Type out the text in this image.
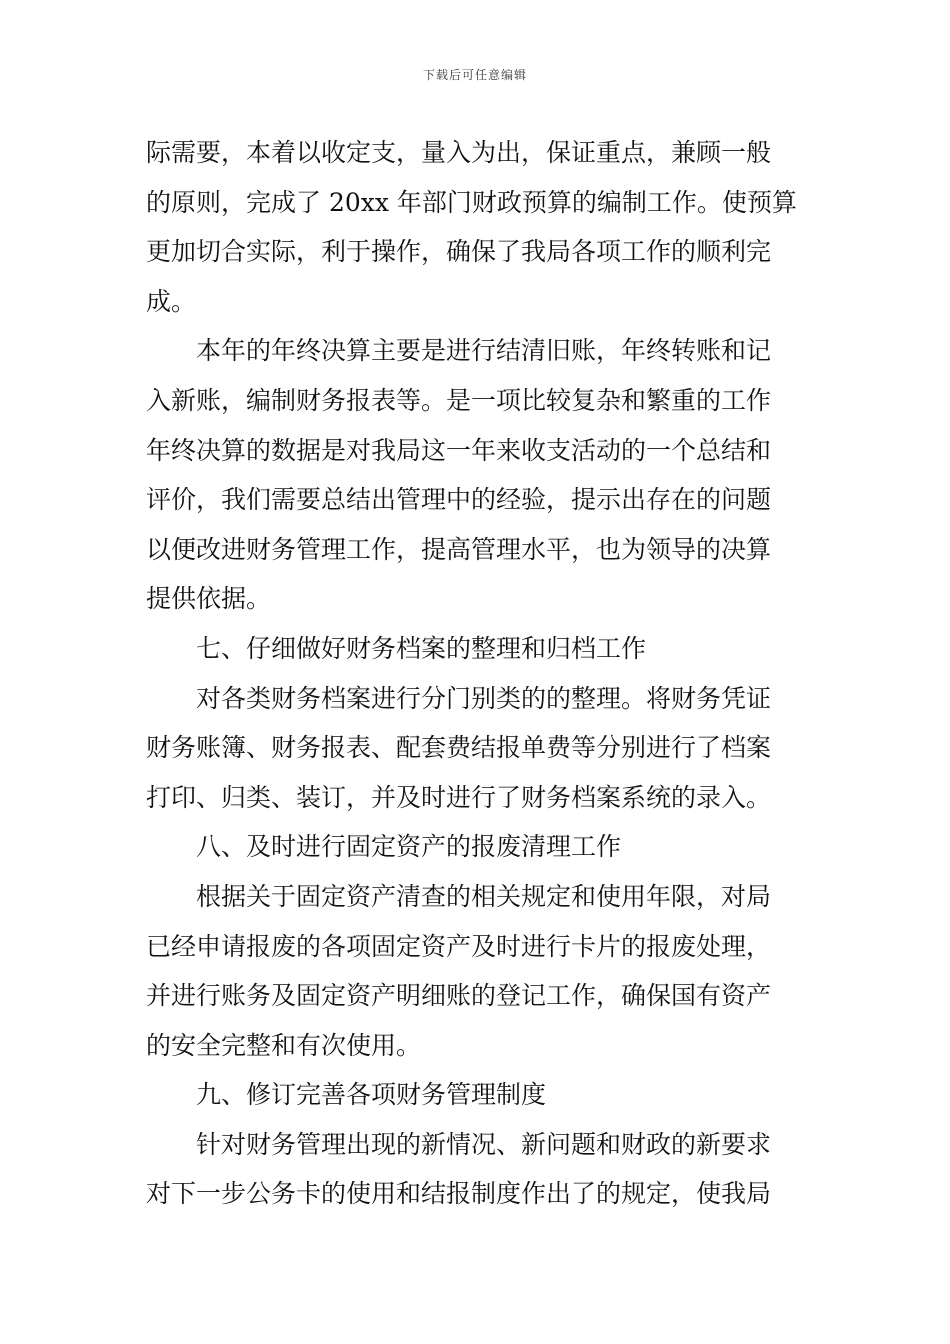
下载后可任意编辑
际需要，本着以收定支，量入为出，保证重点，兼顾一般
的原则，完成了 20xx 年部门财政预算的编制工作。使预算
更加切合实际，利于操作，确保了我局各项工作的顺利完
成。
本年的年终决算主要是进行结清旧账，年终转账和记
入新账，编制财务报表等。是一项比较复杂和繁重的工作
年终决算的数据是对我局这一年来收支活动的一个总结和
评价，我们需要总结出管理中的经验，提示出存在的问题
以便改进财务管理工作，提高管理水平，也为领导的决算
提供依据。
七、仔细做好财务档案的整理和归档工作
对各类财务档案进行分门别类的的整理。将财务凭证
财务账簿、财务报表、配套费结报单费等分别进行了档案
打印、归类、装订，并及时进行了财务档案系统的录入。
八、及时进行固定资产的报废清理工作
根据关于固定资产清查的相关规定和使用年限，对局
已经申请报废的各项固定资产及时进行卡片的报废处理，
并进行账务及固定资产明细账的登记工作，确保国有资产
的安全完整和有次使用。
九、修订完善各项财务管理制度
针对财务管理出现的新情况、新问题和财政的新要求
对下一步公务卡的使用和结报制度作出了的规定，使我局
